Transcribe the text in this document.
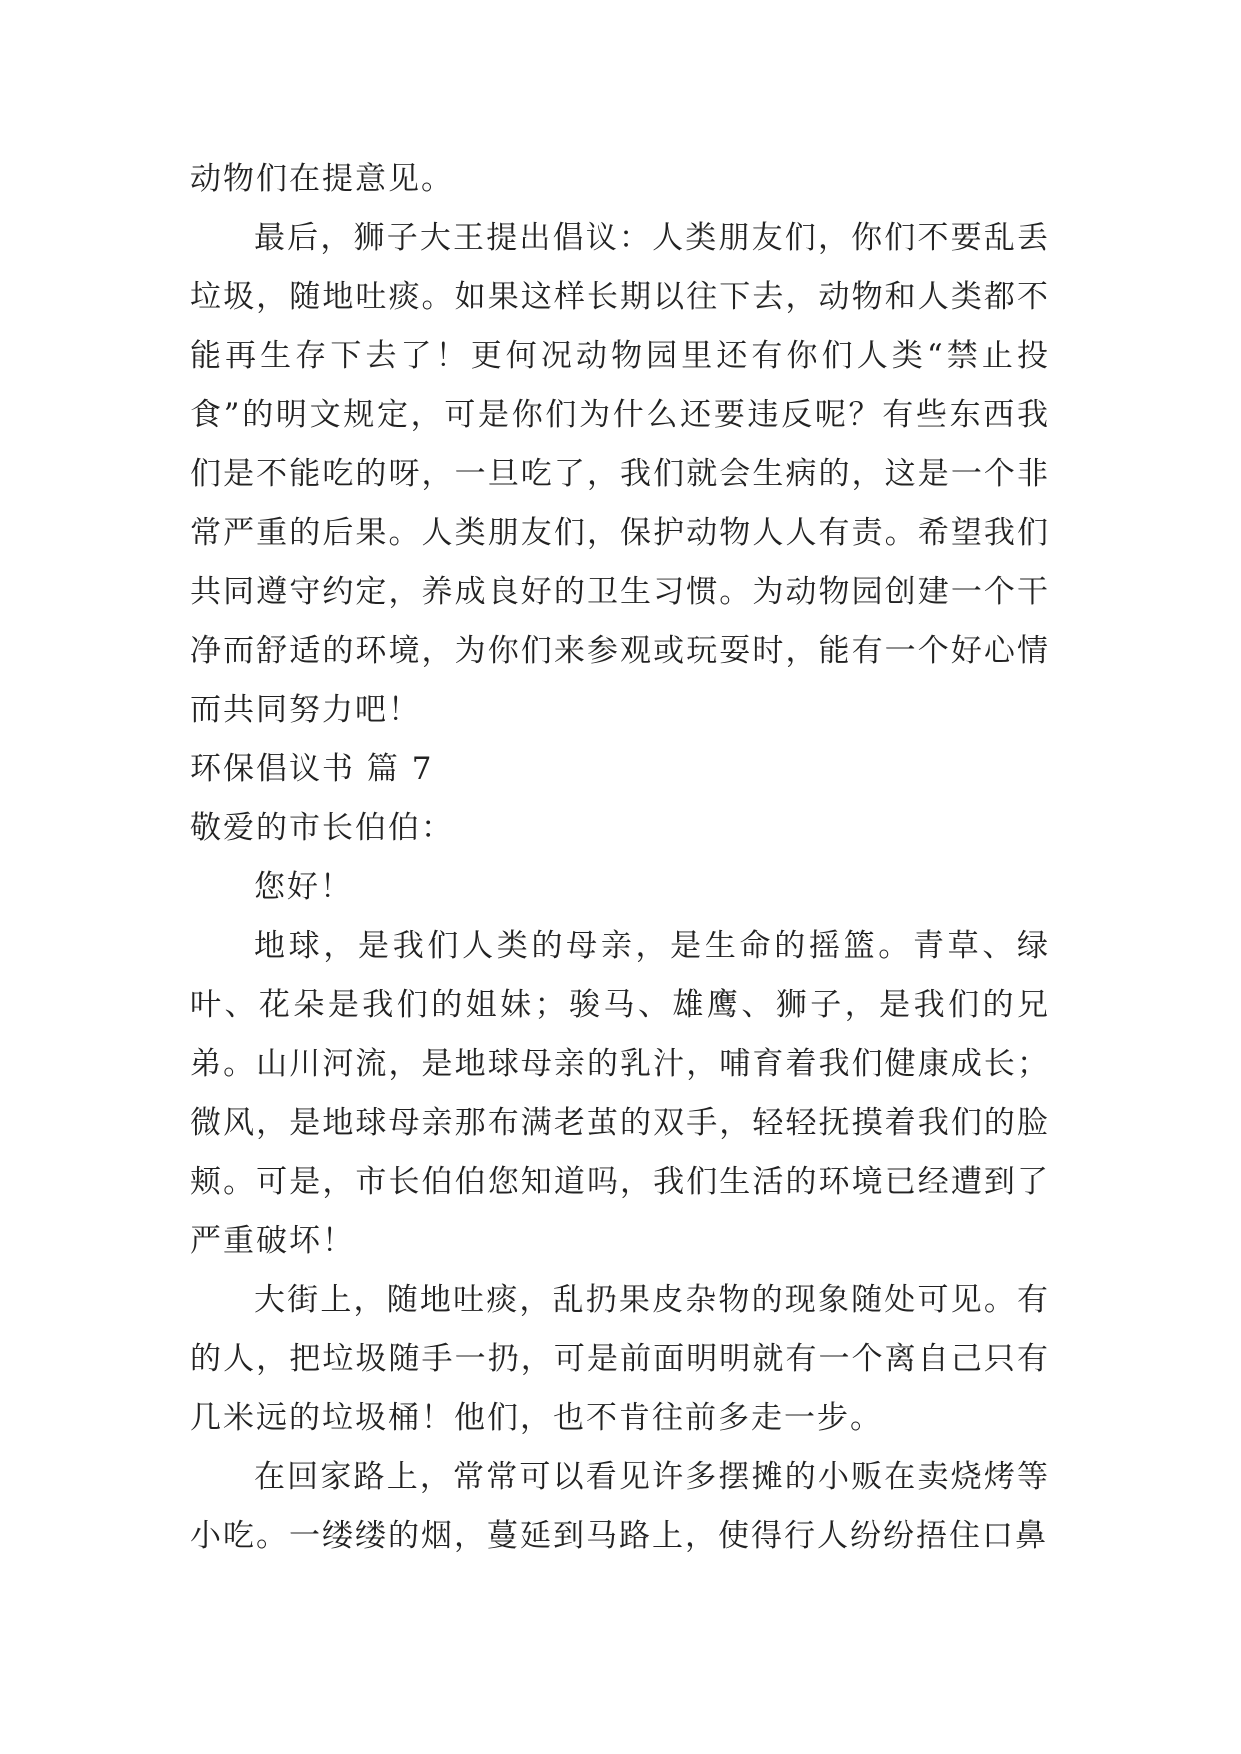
动物们在提意见。

最后，狮子大王提出倡议：人类朋友们，你们不要乱丢垃圾，随地吐痰。如果这样长期以往下去，动物和人类都不能再生存下去了！更何况动物园里还有你们人类“禁止投食”的明文规定，可是你们为什么还要违反呢？有些东西我们是不能吃的呀，一旦吃了，我们就会生病的，这是一个非常严重的后果。人类朋友们，保护动物人人有责。希望我们共同遵守约定，养成良好的卫生习惯。为动物园创建一个干净而舒适的环境，为你们来参观或玩耍时，能有一个好心情而共同努力吧！

环保倡议书 篇 7

敬爱的市长伯伯：

您好！

地球，是我们人类的母亲，是生命的摇篮。青草、绿叶、花朵是我们的姐妹；骏马、雄鹰、狮子，是我们的兄弟。山川河流，是地球母亲的乳汁，哺育着我们健康成长；微风，是地球母亲那布满老茧的双手，轻轻抚摸着我们的脸颊。可是，市长伯伯您知道吗，我们生活的环境已经遭到了严重破坏！

大街上，随地吐痰，乱扔果皮杂物的现象随处可见。有的人，把垃圾随手一扔，可是前面明明就有一个离自己只有几米远的垃圾桶！他们，也不肯往前多走一步。

在回家路上，常常可以看见许多摆摊的小贩在卖烧烤等小吃。一缕缕的烟，蔓延到马路上，使得行人纷纷捂住口鼻
